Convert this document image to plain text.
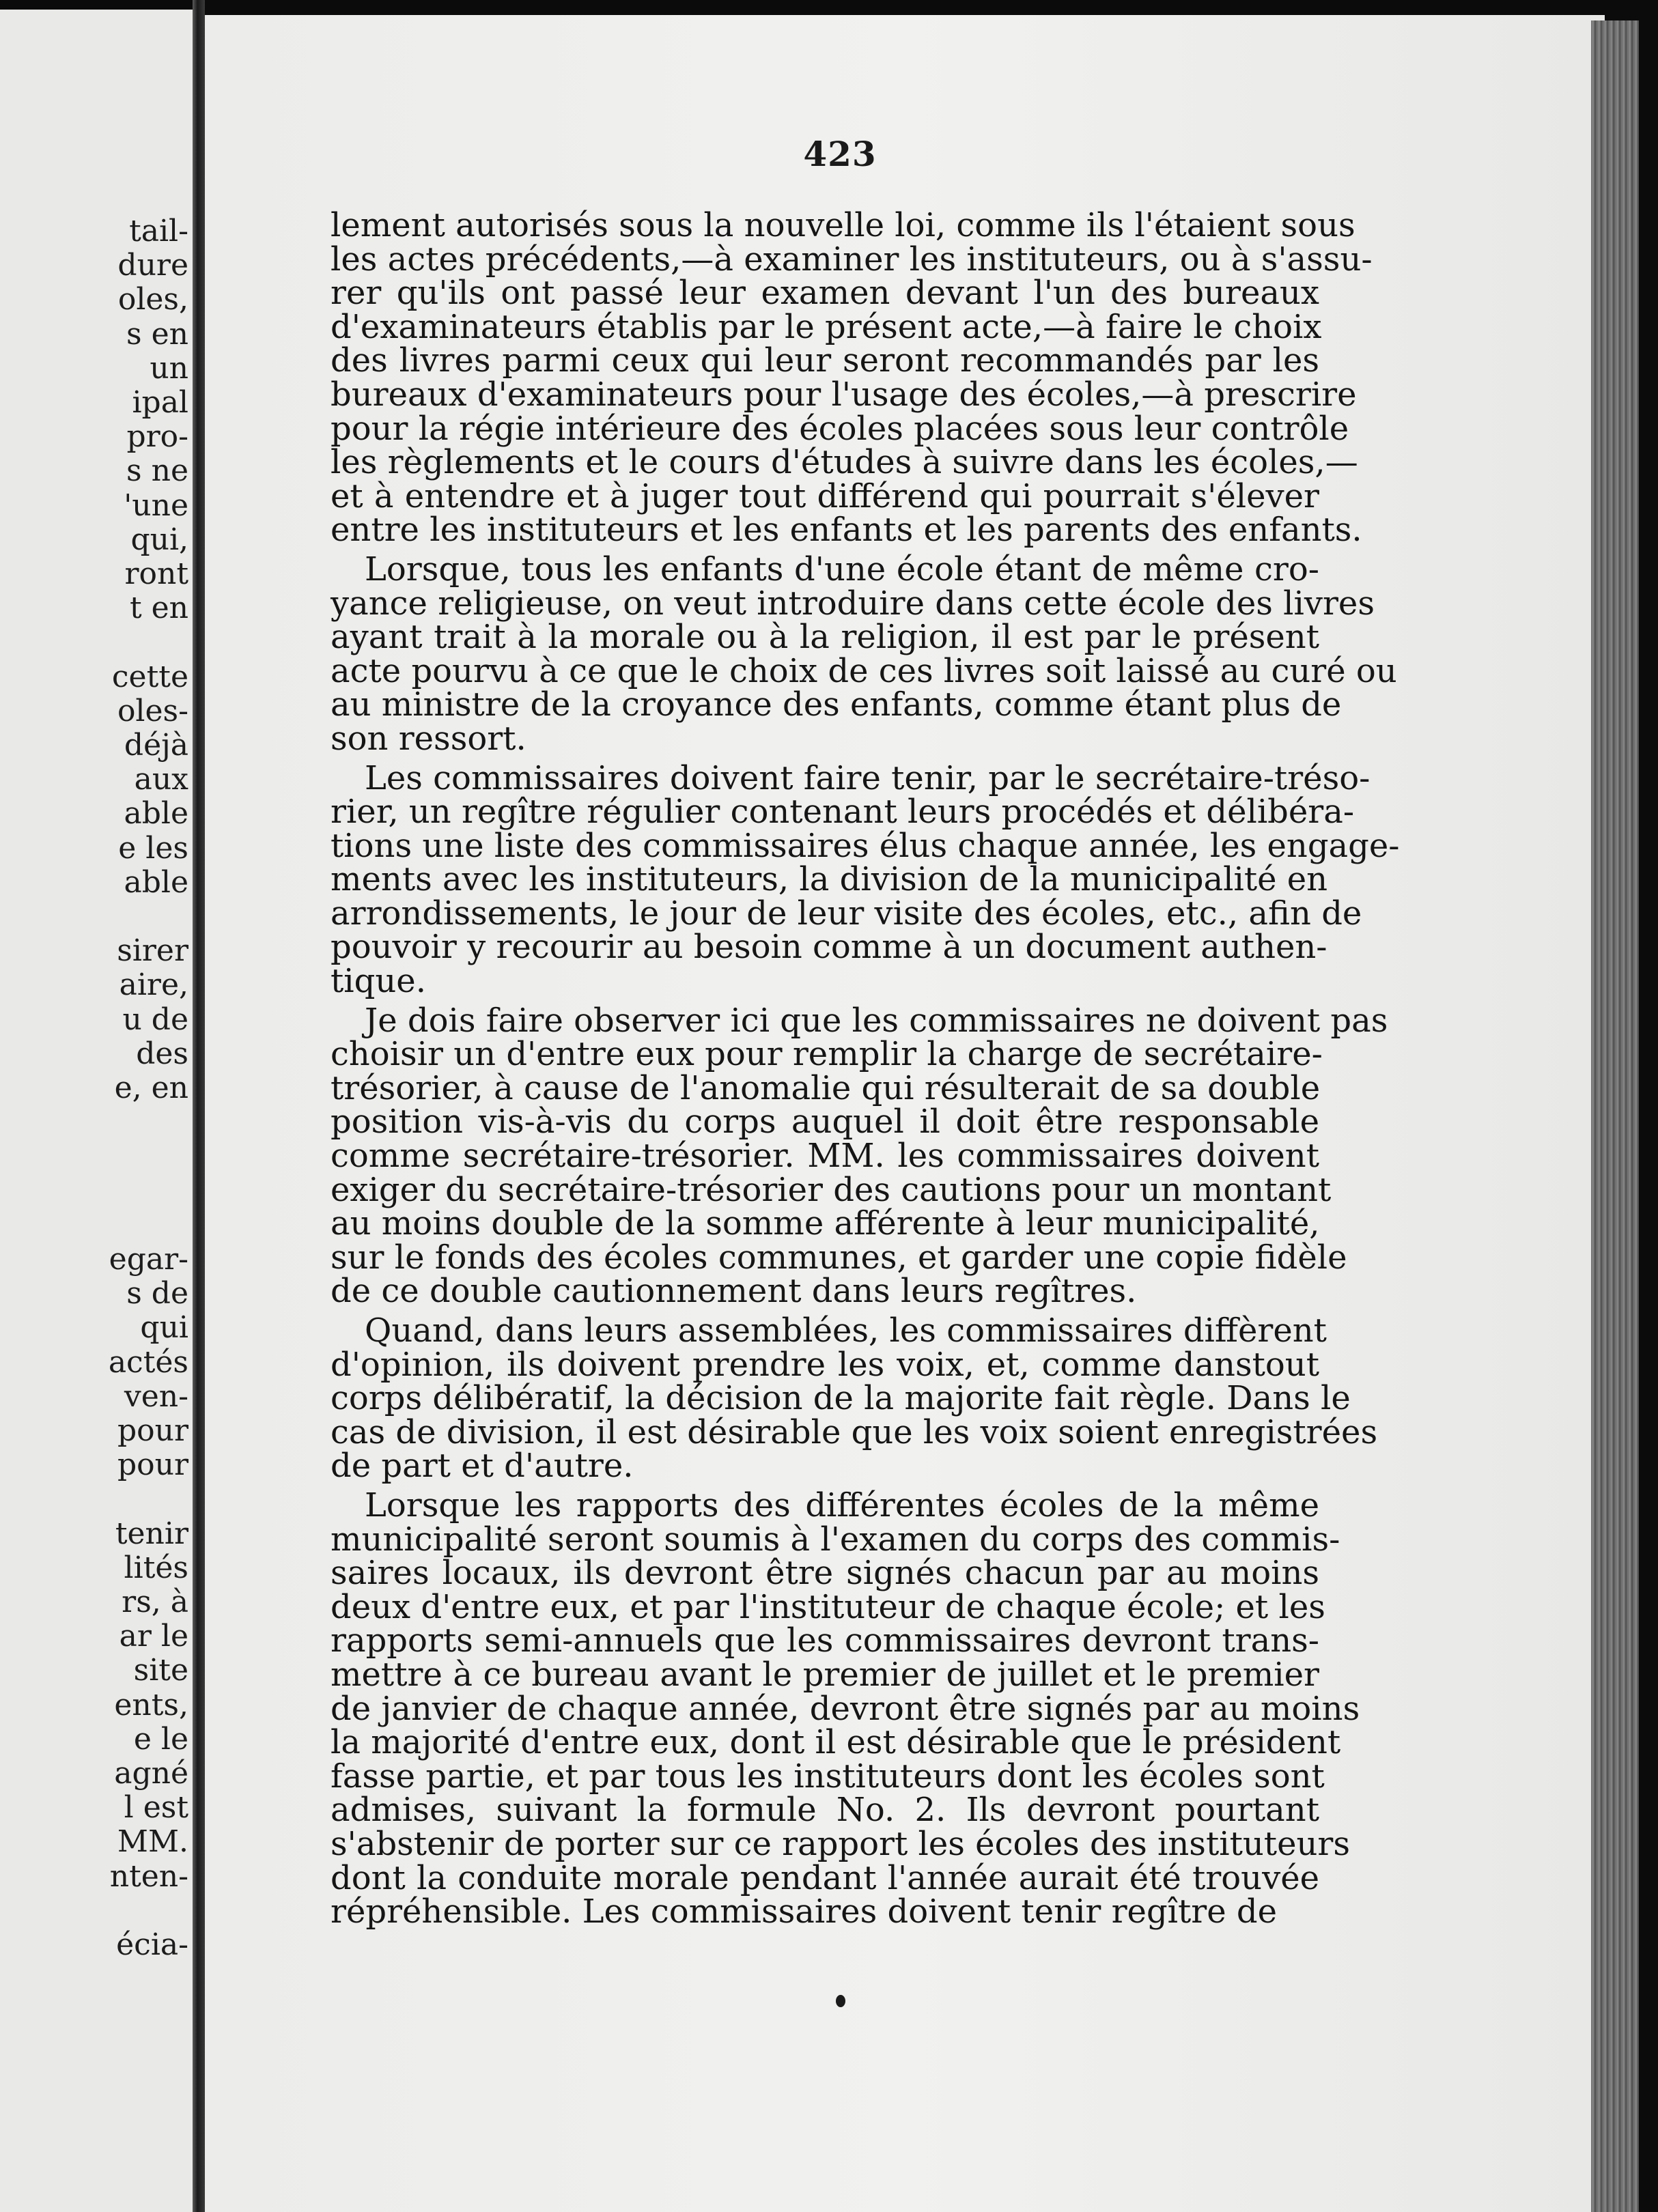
tail-
dure
oles,
s en
un
ipal
pro-
s ne
'une
qui,
ront
t en
cette
oles-
déjà
aux
able
e les
able
sirer
aire,
u de
des
e, en
egar-
s de
qui
actés
ven-
pour
pour
tenir
lités
rs, à
ar le
site
ents,
e le
agné
l est
MM.
nten-
écia-
423
lement autorisés sous la nouvelle loi, comme ils l'étaient sous
les actes précédents,—à examiner les instituteurs, ou à s'assu-
rer qu'ils ont passé leur examen devant l'un des bureaux
d'examinateurs établis par le présent acte,—à faire le choix
des livres parmi ceux qui leur seront recommandés par les
bureaux d'examinateurs pour l'usage des écoles,—à prescrire
pour la régie intérieure des écoles placées sous leur contrôle
les règlements et le cours d'études à suivre dans les écoles,—
et à entendre et à juger tout différend qui pourrait s'élever
entre les instituteurs et les enfants et les parents des enfants.
Lorsque, tous les enfants d'une école étant de même cro-
yance religieuse, on veut introduire dans cette école des livres
ayant trait à la morale ou à la religion, il est par le présent
acte pourvu à ce que le choix de ces livres soit laissé au curé ou
au ministre de la croyance des enfants, comme étant plus de
son ressort.
Les commissaires doivent faire tenir, par le secrétaire-tréso-
rier, un regître régulier contenant leurs procédés et délibéra-
tions une liste des commissaires élus chaque année, les engage-
ments avec les instituteurs, la division de la municipalité en
arrondissements, le jour de leur visite des écoles, etc., afin de
pouvoir y recourir au besoin comme à un document authen-
tique.
Je dois faire observer ici que les commissaires ne doivent pas
choisir un d'entre eux pour remplir la charge de secrétaire-
trésorier, à cause de l'anomalie qui résulterait de sa double
position vis-à-vis du corps auquel il doit être responsable
comme secrétaire-trésorier. MM. les commissaires doivent
exiger du secrétaire-trésorier des cautions pour un montant
au moins double de la somme afférente à leur municipalité,
sur le fonds des écoles communes, et garder une copie fidèle
de ce double cautionnement dans leurs regîtres.
Quand, dans leurs assemblées, les commissaires diffèrent
d'opinion, ils doivent prendre les voix, et, comme danstout
corps délibératif, la décision de la majorite fait règle. Dans le
cas de division, il est désirable que les voix soient enregistrées
de part et d'autre.
Lorsque les rapports des différentes écoles de la même
municipalité seront soumis à l'examen du corps des commis-
saires locaux, ils devront être signés chacun par au moins
deux d'entre eux, et par l'instituteur de chaque école; et les
rapports semi-annuels que les commissaires devront trans-
mettre à ce bureau avant le premier de juillet et le premier
de janvier de chaque année, devront être signés par au moins
la majorité d'entre eux, dont il est désirable que le président
fasse partie, et par tous les instituteurs dont les écoles sont
admises, suivant la formule No. 2. Ils devront pourtant
s'abstenir de porter sur ce rapport les écoles des instituteurs
dont la conduite morale pendant l'année aurait été trouvée
répréhensible. Les commissaires doivent tenir regître de
